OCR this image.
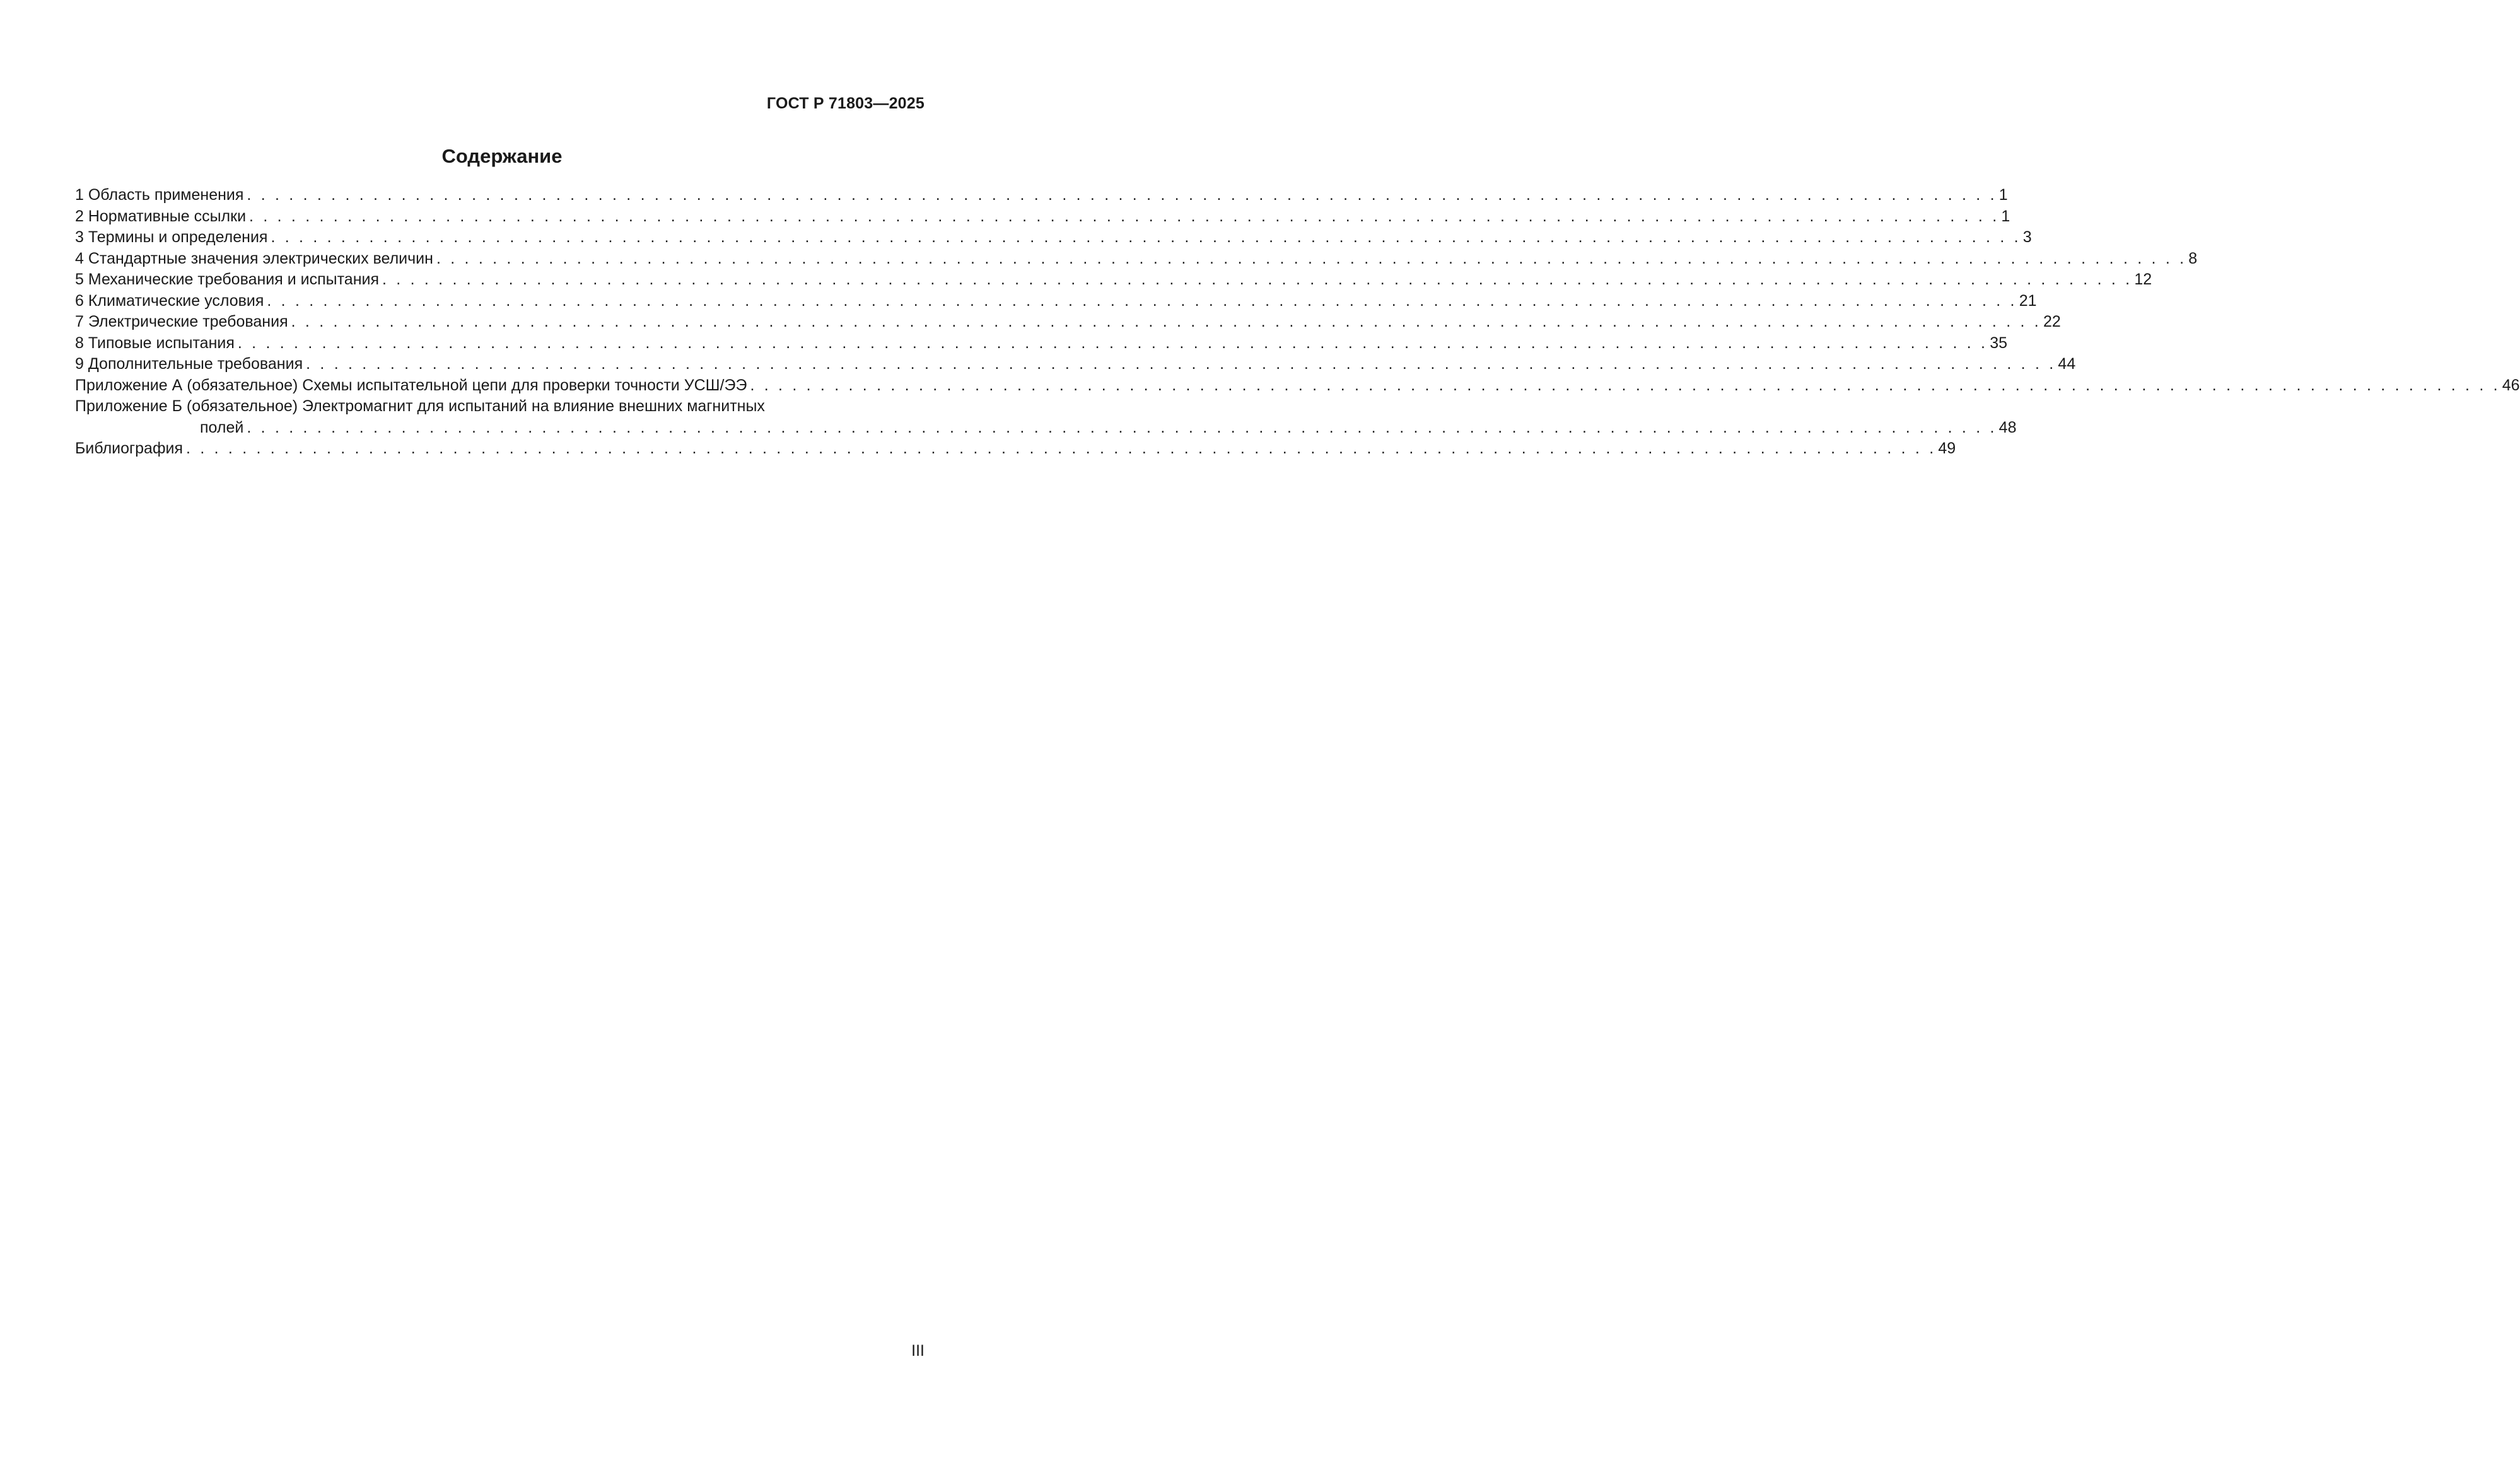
ГОСТ Р 71803—2025
Содержание
1 Область применения . . . . . . . . . . . . . . . . . . . . . . . . . . . . . . . . . . . . . . . . . . . . . . . . . . . . . . . . . . . . . . . . . . . . . . . . . . . . . . . . . . . . . . . . . . . . . . . . . . . . . . . . . . . . . . . . . . . . . . . . . . . . . 1
2 Нормативные ссылки . . . . . . . . . . . . . . . . . . . . . . . . . . . . . . . . . . . . . . . . . . . . . . . . . . . . . . . . . . . . . . . . . . . . . . . . . . . . . . . . . . . . . . . . . . . . . . . . . . . . . . . . . . . . . . . . . . . . . . . . . . . . . 1
3 Термины и определения . . . . . . . . . . . . . . . . . . . . . . . . . . . . . . . . . . . . . . . . . . . . . . . . . . . . . . . . . . . . . . . . . . . . . . . . . . . . . . . . . . . . . . . . . . . . . . . . . . . . . . . . . . . . . . . . . . . . . . . . . . . . . 3
4 Стандартные значения электрических величин . . . . . . . . . . . . . . . . . . . . . . . . . . . . . . . . . . . . . . . . . . . . . . . . . . . . . . . . . . . . . . . . . . . . . . . . . . . . . . . . . . . . . . . . . . . . . . . . . . . . . . . . . . . . . . . . . . . . . . . . . . . . . 8
5 Механические требования и испытания . . . . . . . . . . . . . . . . . . . . . . . . . . . . . . . . . . . . . . . . . . . . . . . . . . . . . . . . . . . . . . . . . . . . . . . . . . . . . . . . . . . . . . . . . . . . . . . . . . . . . . . . . . . . . . . . . . . . . . . . . . . . . 12
6 Климатические условия . . . . . . . . . . . . . . . . . . . . . . . . . . . . . . . . . . . . . . . . . . . . . . . . . . . . . . . . . . . . . . . . . . . . . . . . . . . . . . . . . . . . . . . . . . . . . . . . . . . . . . . . . . . . . . . . . . . . . . . . . . . . . 21
7 Электрические требования . . . . . . . . . . . . . . . . . . . . . . . . . . . . . . . . . . . . . . . . . . . . . . . . . . . . . . . . . . . . . . . . . . . . . . . . . . . . . . . . . . . . . . . . . . . . . . . . . . . . . . . . . . . . . . . . . . . . . . . . . . . . . 22
8 Типовые испытания . . . . . . . . . . . . . . . . . . . . . . . . . . . . . . . . . . . . . . . . . . . . . . . . . . . . . . . . . . . . . . . . . . . . . . . . . . . . . . . . . . . . . . . . . . . . . . . . . . . . . . . . . . . . . . . . . . . . . . . . . . . . . 35
9 Дополнительные требования . . . . . . . . . . . . . . . . . . . . . . . . . . . . . . . . . . . . . . . . . . . . . . . . . . . . . . . . . . . . . . . . . . . . . . . . . . . . . . . . . . . . . . . . . . . . . . . . . . . . . . . . . . . . . . . . . . . . . . . . . . . . . 44
Приложение А (обязательное) Схемы испытательной цепи для проверки точности УСШ/ЭЭ . . . . . . . . . . . . . . . . . . . . . . . . . . . . . . . . . . . . . . . . . . . . . . . . . . . . . . . . . . . . . . . . . . . . . . . . . . . . . . . . . . . . . . . . . . . . . . . . . . . . . . . . . . . . . . . . . . . . . . . . . . . . . 46
Приложение Б (обязательное) Электромагнит для испытаний на влияние внешних магнитных
полей . . . . . . . . . . . . . . . . . . . . . . . . . . . . . . . . . . . . . . . . . . . . . . . . . . . . . . . . . . . . . . . . . . . . . . . . . . . . . . . . . . . . . . . . . . . . . . . . . . . . . . . . . . . . . . . . . . . . . . . . . . . . . 48
Библиография . . . . . . . . . . . . . . . . . . . . . . . . . . . . . . . . . . . . . . . . . . . . . . . . . . . . . . . . . . . . . . . . . . . . . . . . . . . . . . . . . . . . . . . . . . . . . . . . . . . . . . . . . . . . . . . . . . . . . . . . . . . . . 49
III
